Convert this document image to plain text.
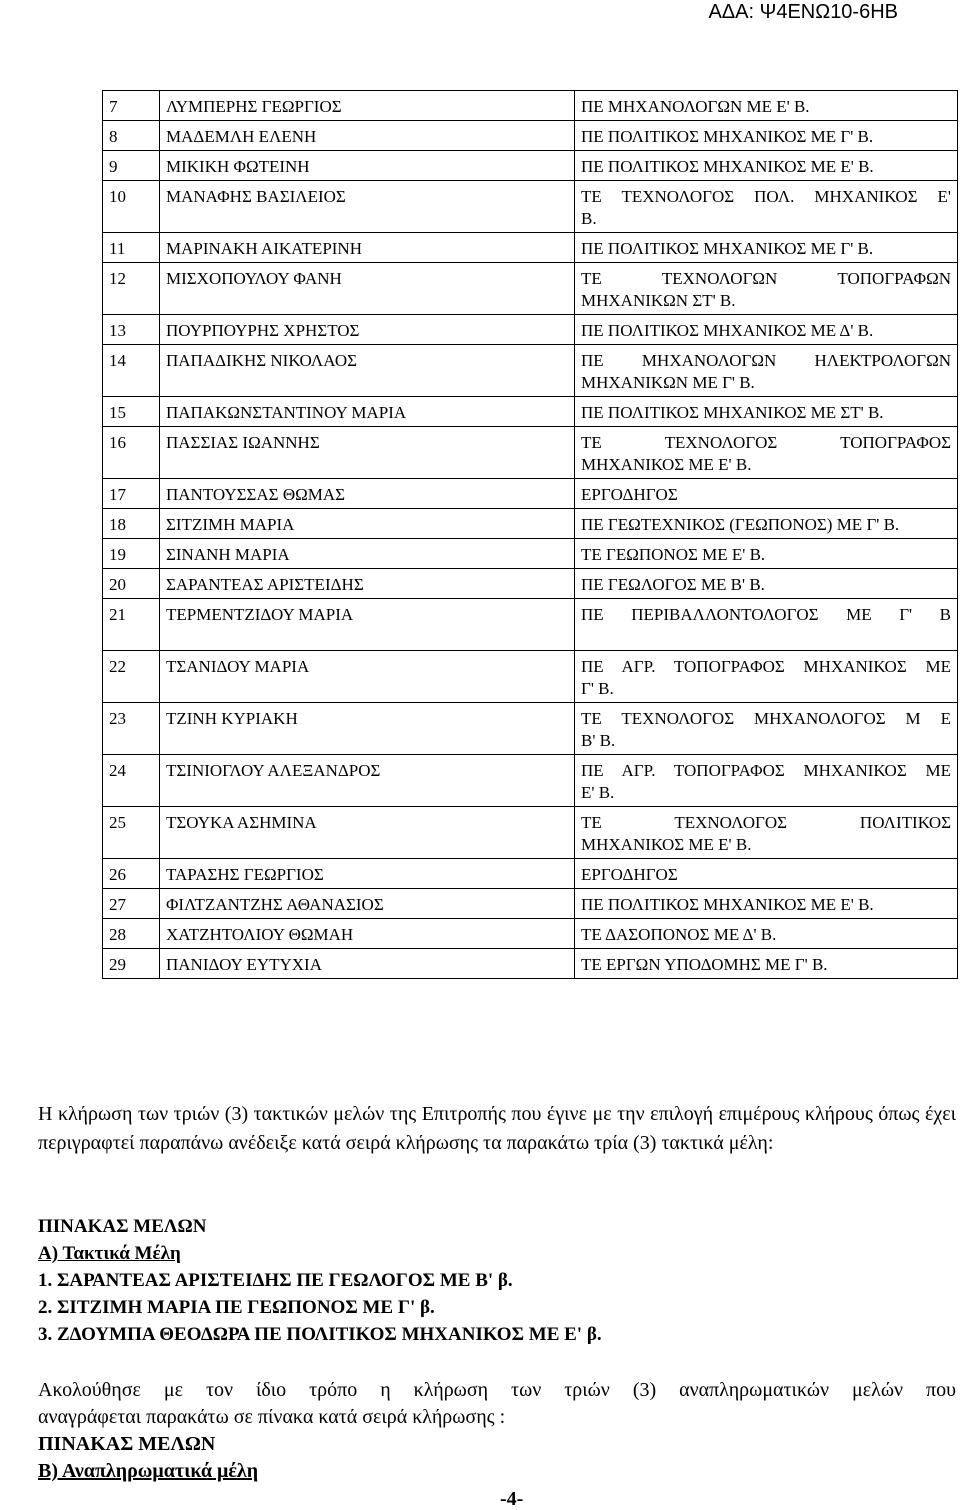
ΑΔΑ: Ψ4ΕΝΩ10-6ΗΒ
7	ΛΥΜΠΕΡΗΣ ΓΕΩΡΓΙΟΣ	ΠΕ ΜΗΧΑΝΟΛΟΓΩΝ ΜΕ Ε' Β.

8	ΜΑΔΕΜΛΗ ΕΛΕΝΗ	ΠΕ ΠΟΛΙΤΙΚΟΣ ΜΗΧΑΝΙΚΟΣ ΜΕ Γ' Β.

9	ΜΙΚΙΚΗ ΦΩΤΕΙΝΗ	ΠΕ ΠΟΛΙΤΙΚΟΣ ΜΗΧΑΝΙΚΟΣ ΜΕ Ε' Β.

10	ΜΑΝΑΦΗΣ ΒΑΣΙΛΕΙΟΣ	ΤΕ ΤΕΧΝΟΛΟΓΟΣ ΠΟΛ. ΜΗΧΑΝΙΚΟΣ Ε'
Β.

11	ΜΑΡΙΝΑΚΗ ΑΙΚΑΤΕΡΙΝΗ	ΠΕ ΠΟΛΙΤΙΚΟΣ ΜΗΧΑΝΙΚΟΣ ΜΕ Γ' Β.

12	ΜΙΣΧΟΠΟΥΛΟΥ ΦΑΝΗ	ΤΕ ΤΕΧΝΟΛΟΓΩΝ ΤΟΠΟΓΡΑΦΩΝ
ΜΗΧΑΝΙΚΩΝ ΣΤ' Β.

13	ΠΟΥΡΠΟΥΡΗΣ ΧΡΗΣΤΟΣ	ΠΕ ΠΟΛΙΤΙΚΟΣ ΜΗΧΑΝΙΚΟΣ ΜΕ Δ' Β.

14	ΠΑΠΑΔΙΚΗΣ ΝΙΚΟΛΑΟΣ	ΠΕ ΜΗΧΑΝΟΛΟΓΩΝ ΗΛΕΚΤΡΟΛΟΓΩΝ
ΜΗΧΑΝΙΚΩΝ ΜΕ Γ' Β.

15	ΠΑΠΑΚΩΝΣΤΑΝΤΙΝΟΥ ΜΑΡΙΑ	ΠΕ ΠΟΛΙΤΙΚΟΣ ΜΗΧΑΝΙΚΟΣ ΜΕ ΣΤ' Β.

16	ΠΑΣΣΙΑΣ ΙΩΑΝΝΗΣ	ΤΕ ΤΕΧΝΟΛΟΓΟΣ ΤΟΠΟΓΡΑΦΟΣ
ΜΗΧΑΝΙΚΟΣ ΜΕ Ε' Β.

17	ΠΑΝΤΟΥΣΣΑΣ ΘΩΜΑΣ	ΕΡΓΟΔΗΓΟΣ

18	ΣΙΤΖΙΜΗ ΜΑΡΙΑ	ΠΕ ΓΕΩΤΕΧΝΙΚΟΣ (ΓΕΩΠΟΝΟΣ) ΜΕ Γ' Β.

19	ΣΙΝΑΝΗ ΜΑΡΙΑ	ΤΕ ΓΕΩΠΟΝΟΣ ΜΕ Ε' Β.

20	ΣΑΡΑΝΤΕΑΣ ΑΡΙΣΤΕΙΔΗΣ	ΠΕ ΓΕΩΛΟΓΟΣ ΜΕ Β' Β.

21	ΤΕΡΜΕΝΤΖΙΔΟΥ ΜΑΡΙΑ	ΠΕ ΠΕΡΙΒΑΛΛΟΝΤΟΛΟΓΟΣ ΜΕ Γ' Β

22	ΤΣΑΝΙΔΟΥ ΜΑΡΙΑ	ΠΕ ΑΓΡ. ΤΟΠΟΓΡΑΦΟΣ ΜΗΧΑΝΙΚΟΣ ΜΕ
Γ' Β.

23	ΤΖΙΝΗ ΚΥΡΙΑΚΗ	ΤΕ ΤΕΧΝΟΛΟΓΟΣ ΜΗΧΑΝΟΛΟΓΟΣ Μ Ε
Β' Β.

24	ΤΣΙΝΙΟΓΛΟΥ ΑΛΕΞΑΝΔΡΟΣ	ΠΕ ΑΓΡ. ΤΟΠΟΓΡΑΦΟΣ ΜΗΧΑΝΙΚΟΣ ΜΕ
Ε' Β.

25	ΤΣΟΥΚΑ ΑΣΗΜΙΝΑ	ΤΕ ΤΕΧΝΟΛΟΓΟΣ ΠΟΛΙΤΙΚΟΣ
ΜΗΧΑΝΙΚΟΣ ΜΕ Ε' Β.

26	ΤΑΡΑΣΗΣ ΓΕΩΡΓΙΟΣ	ΕΡΓΟΔΗΓΟΣ

27	ΦΙΛΤΖΑΝΤΖΗΣ ΑΘΑΝΑΣΙΟΣ	ΠΕ ΠΟΛΙΤΙΚΟΣ ΜΗΧΑΝΙΚΟΣ ΜΕ Ε' Β.

28	ΧΑΤΖΗΤΟΛΙΟΥ ΘΩΜΑΗ	ΤΕ ΔΑΣΟΠΟΝΟΣ ΜΕ Δ' Β.

29	ΠΑΝΙΔΟΥ ΕΥΤΥΧΙΑ	ΤΕ ΕΡΓΩΝ ΥΠΟΔΟΜΗΣ ΜΕ Γ' Β.
Η κλήρωση των τριών (3) τακτικών μελών της Επιτροπής που έγινε με την επιλογή επιμέρους κλήρους όπως έχει περιγραφτεί παραπάνω ανέδειξε κατά σειρά κλήρωσης τα παρακάτω τρία (3) τακτικά μέλη:
ΠΙΝΑΚΑΣ ΜΕΛΩΝ
Α) Τακτικά Μέλη
1. ΣΑΡΑΝΤΕΑΣ ΑΡΙΣΤΕΙΔΗΣ ΠΕ ΓΕΩΛΟΓΟΣ ΜΕ Β' β.
2. ΣΙΤΖΙΜΗ ΜΑΡΙΑ ΠΕ ΓΕΩΠΟΝΟΣ ΜΕ Γ' β.
3. ΖΔΟΥΜΠΑ ΘΕΟΔΩΡΑ ΠΕ ΠΟΛΙΤΙΚΟΣ ΜΗΧΑΝΙΚΟΣ ΜΕ Ε' β.
Ακολούθησε με τον ίδιο τρόπο η κλήρωση των τριών (3) αναπληρωματικών μελών που
αναγράφεται παρακάτω σε πίνακα κατά σειρά κλήρωσης :
ΠΙΝΑΚΑΣ ΜΕΛΩΝ
Β) Αναπληρωματικά μέλη
-4-
